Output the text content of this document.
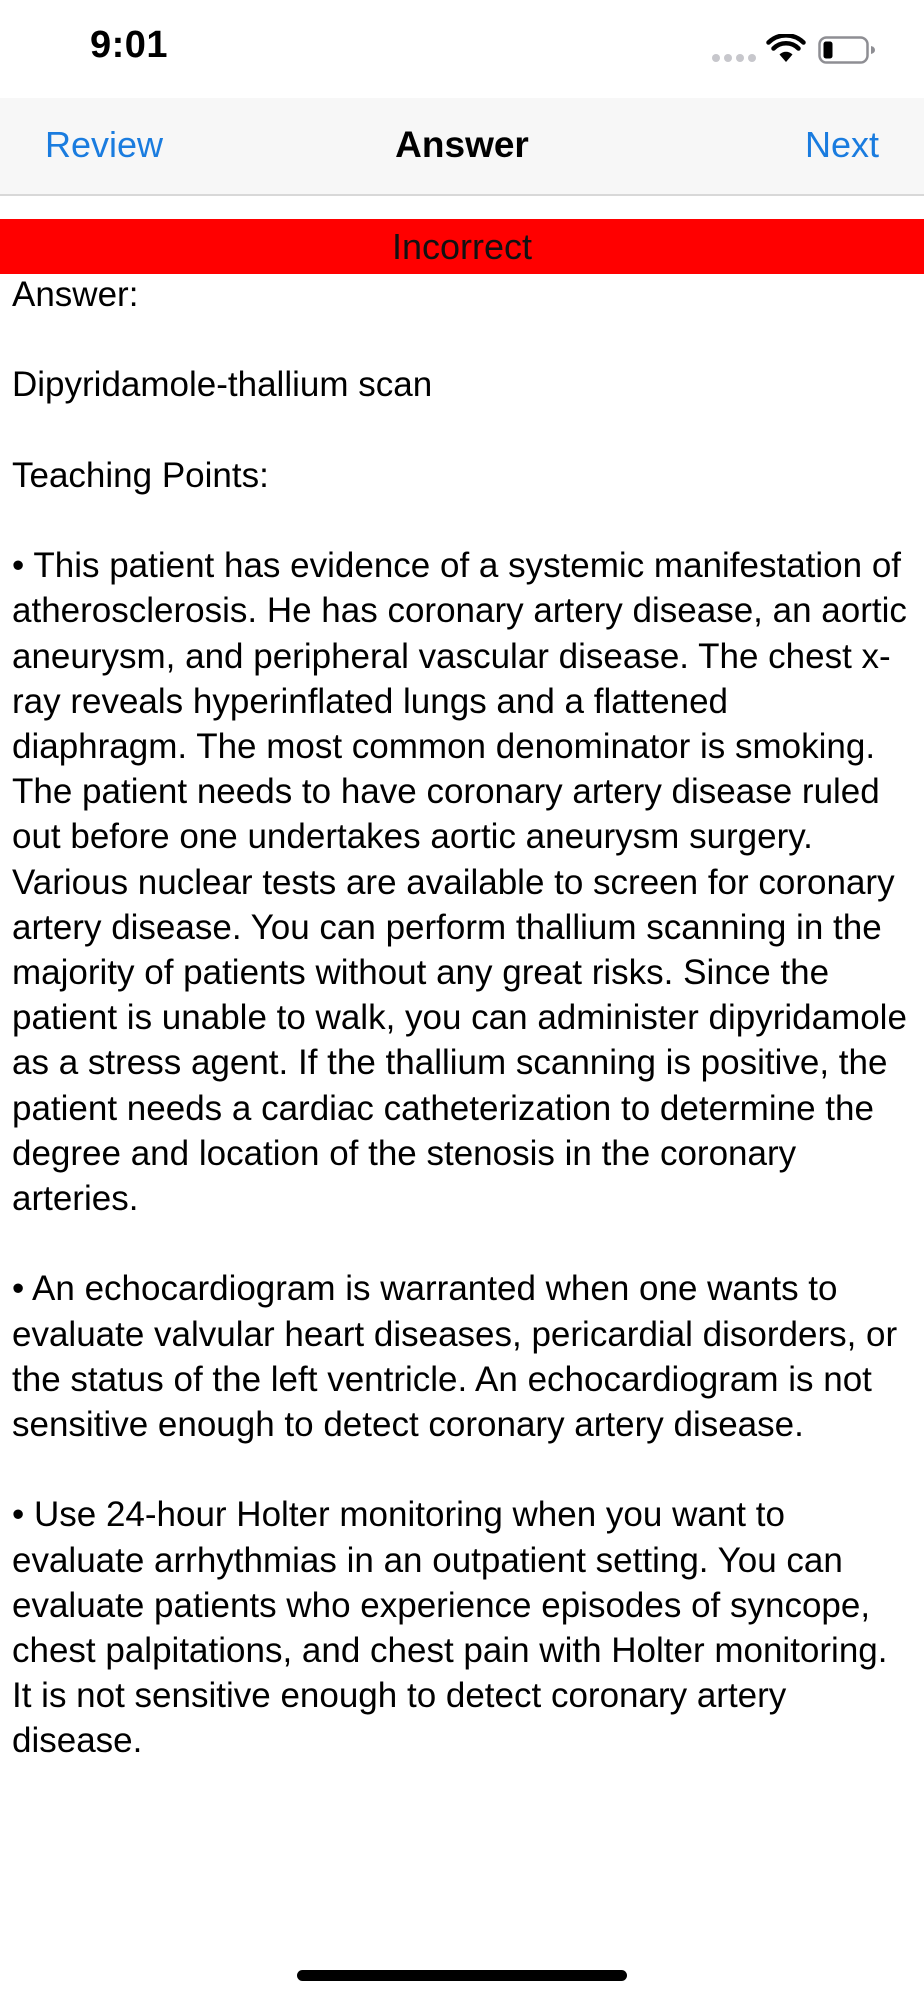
9:01
Review	Answer	Next
Incorrect

Answer:

Dipyridamole-thallium scan

Teaching Points:

• This patient has evidence of a systemic manifestation of atherosclerosis. He has coronary artery disease, an aortic aneurysm, and peripheral vascular disease. The chest x-ray reveals hyperinflated lungs and a flattened diaphragm. The most common denominator is smoking. The patient needs to have coronary artery disease ruled out before one undertakes aortic aneurysm surgery. Various nuclear tests are available to screen for coronary artery disease. You can perform thallium scanning in the majority of patients without any great risks. Since the patient is unable to walk, you can administer dipyridamole as a stress agent. If the thallium scanning is positive, the patient needs a cardiac catheterization to determine the degree and location of the stenosis in the coronary arteries.

• An echocardiogram is warranted when one wants to evaluate valvular heart diseases, pericardial disorders, or the status of the left ventricle. An echocardiogram is not sensitive enough to detect coronary artery disease.

• Use 24-hour Holter monitoring when you want to evaluate arrhythmias in an outpatient setting. You can evaluate patients who experience episodes of syncope, chest palpitations, and chest pain with Holter monitoring. It is not sensitive enough to detect coronary artery disease.
